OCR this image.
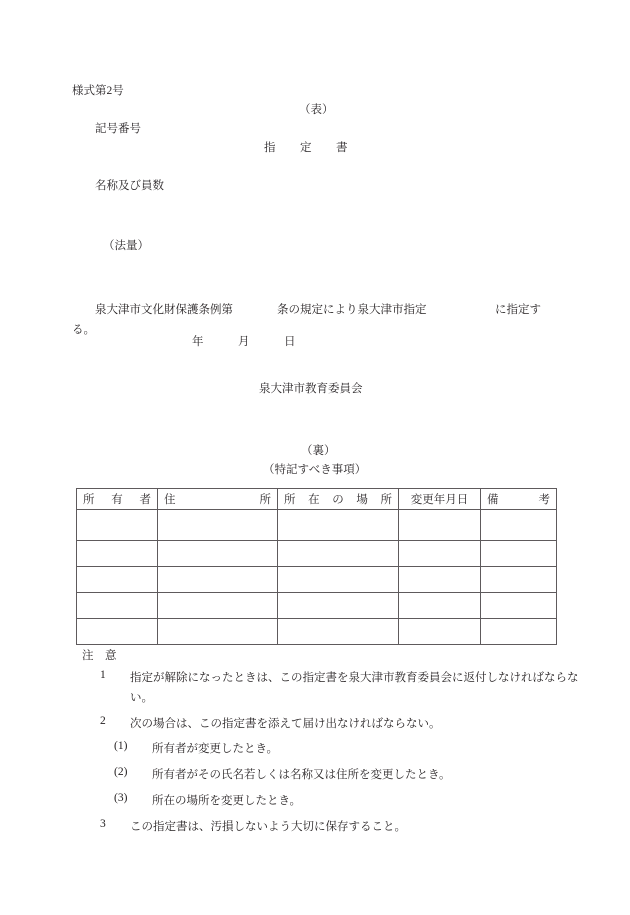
様式第2号
（表）
記号番号
指　　定　　書
名称及び員数
（法量）
泉大津市文化財保護条例第	条の規定により泉大津市指定	に指定す
る。
年　　　月　　　日
泉大津市教育委員会
（裏）
（特記すべき事項）
所有者	住所	所在の場所	変更年月日	備考

注　意
1 指定が解除になったときは、この指定書を泉大津市教育委員会に返付しなければならない。
2 次の場合は、この指定書を添えて届け出なければならない。
(1) 所有者が変更したとき。
(2) 所有者がその氏名若しくは名称又は住所を変更したとき。
(3) 所在の場所を変更したとき。
3 この指定書は、汚損しないよう大切に保存すること。
